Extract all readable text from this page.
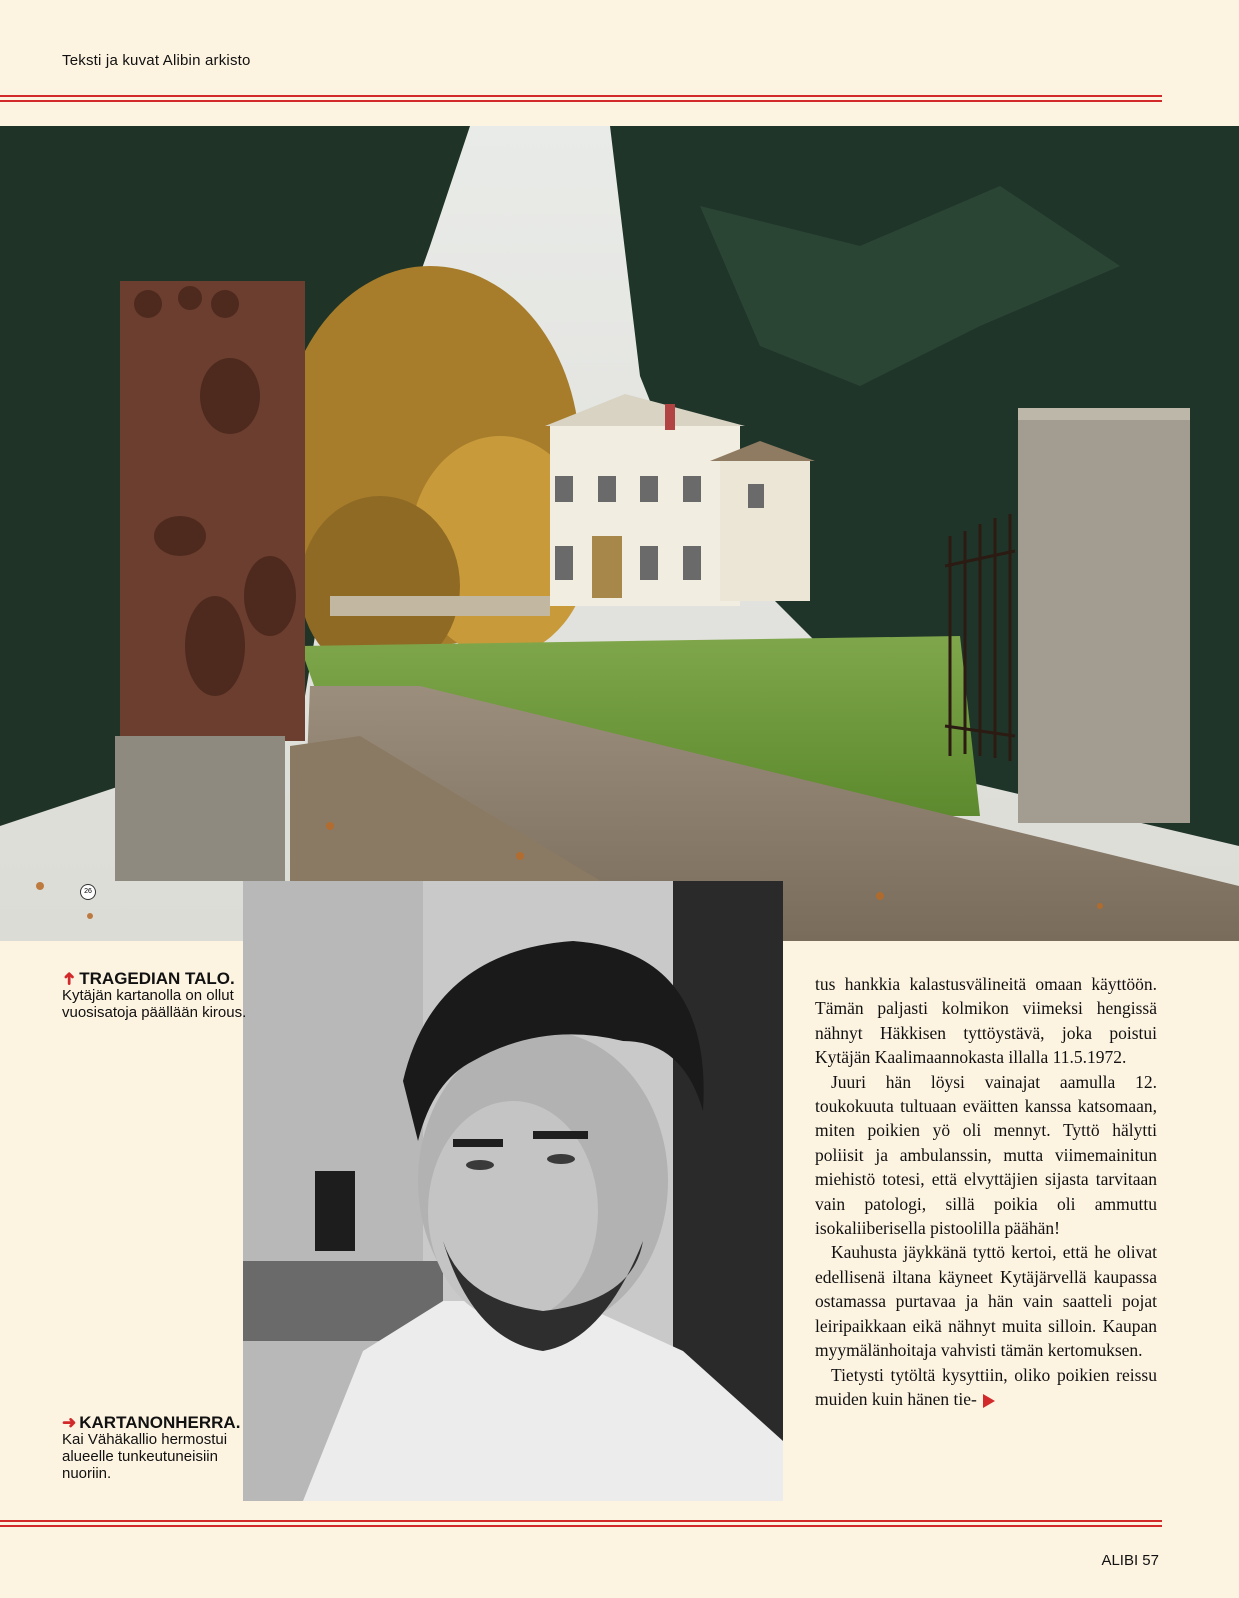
Teksti ja kuvat Alibin arkisto
26
➜TRAGEDIAN TALO.
Kytäjän kartanolla on ollut vuosisatoja päällään kirous.
➜ KARTANONHERRA.
Kai Vähäkallio hermostui alueelle tunkeutuneisiin nuoriin.

tus hankkia kalastusvälineitä omaan käyttöön. Tämän paljasti kolmikon viimeksi hengissä nähnyt Häkkisen tyttöystävä, joka poistui Kytäjän Kaalimaannokasta illalla 11.5.1972.

Juuri hän löysi vainajat aamulla 12. toukokuuta tultuaan eväitten kanssa katsomaan, miten poikien yö oli mennyt. Tyttö hälytti poliisit ja ambulanssin, mutta viimemainitun miehistö totesi, että elvyttäjien sijasta tarvitaan vain patologi, sillä poikia oli ammuttu isokaliiberisella pistoolilla päähän!

Kauhusta jäykkänä tyttö kertoi, että he olivat edellisenä iltana käyneet Kytäjärvellä kaupassa ostamassa purtavaa ja hän vain saatteli pojat leiripaikkaan eikä nähnyt muita silloin. Kaupan myymälänhoitaja vahvisti tämän kertomuksen.

Tietysti tytöltä kysyttiin, oliko poikien reissu muiden kuin hänen tie-

ALIBI 57
